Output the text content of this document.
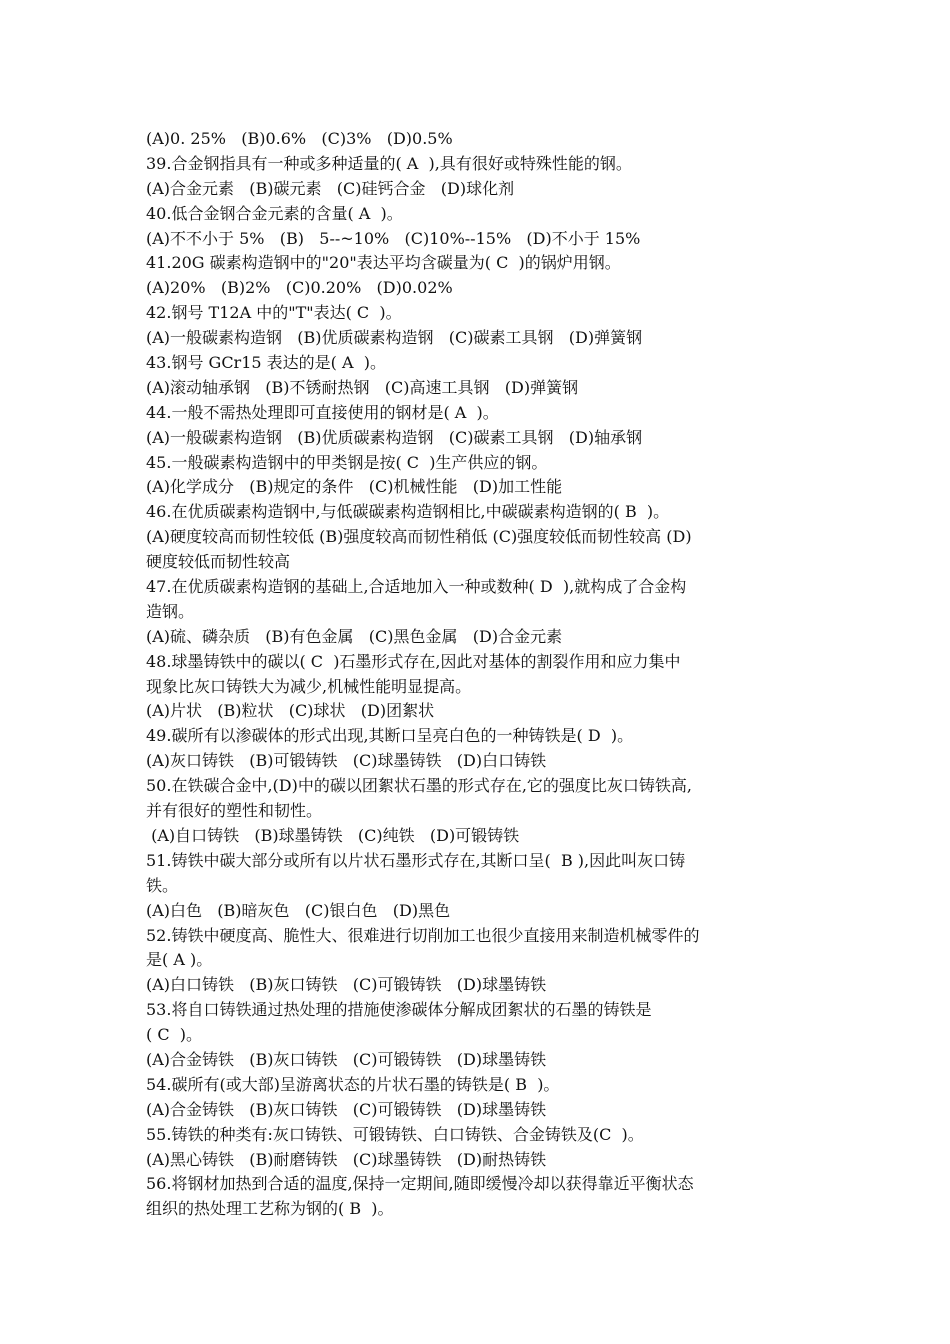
(A)0. 25%   (B)0.6%   (C)3%   (D)0.5%
39.合金钢指具有一种或多种适量的( A  ),具有很好或特殊性能的钢。
(A)合金元素   (B)碳元素   (C)硅钙合金   (D)球化剂
40.低合金钢合金元素的含量( A  )。
(A)不不小于 5%   (B)   5--~10%   (C)10%--15%   (D)不小于 15%
41.20G 碳素构造钢中的"20"表达平均含碳量为( C  )的锅炉用钢。
(A)20%   (B)2%   (C)0.20%   (D)0.02%
42.钢号 T12A 中的"T"表达( C  )。
(A)一般碳素构造钢   (B)优质碳素构造钢   (C)碳素工具钢   (D)弹簧钢
43.钢号 GCr15 表达的是( A  )。
(A)滚动轴承钢   (B)不锈耐热钢   (C)高速工具钢   (D)弹簧钢
44.一般不需热处理即可直接使用的钢材是( A  )。
(A)一般碳素构造钢   (B)优质碳素构造钢   (C)碳素工具钢   (D)轴承钢
45.一般碳素构造钢中的甲类钢是按( C  )生产供应的钢。
(A)化学成分   (B)规定的条件   (C)机械性能   (D)加工性能
46.在优质碳素构造钢中,与低碳碳素构造钢相比,中碳碳素构造钢的( B  )。
(A)硬度较高而韧性较低 (B)强度较高而韧性稍低 (C)强度较低而韧性较高 (D)
硬度较低而韧性较高
47.在优质碳素构造钢的基础上,合适地加入一种或数种( D  ),就构成了合金构
造钢。
(A)硫、磷杂质   (B)有色金属   (C)黑色金属   (D)合金元素
48.球墨铸铁中的碳以( C  )石墨形式存在,因此对基体的割裂作用和应力集中
现象比灰口铸铁大为减少,机械性能明显提高。
(A)片状   (B)粒状   (C)球状   (D)团絮状
49.碳所有以渗碳体的形式出现,其断口呈亮白色的一种铸铁是( D  )。
(A)灰口铸铁   (B)可锻铸铁   (C)球墨铸铁   (D)白口铸铁
50.在铁碳合金中,(D)中的碳以团絮状石墨的形式存在,它的强度比灰口铸铁高,
并有很好的塑性和韧性。
(A)自口铸铁   (B)球墨铸铁   (C)纯铁   (D)可锻铸铁
51.铸铁中碳大部分或所有以片状石墨形式存在,其断口呈(  B ),因此叫灰口铸
铁。
(A)白色   (B)暗灰色   (C)银白色   (D)黑色
52.铸铁中硬度高、脆性大、很难进行切削加工也很少直接用来制造机械零件的
是( A )。
(A)白口铸铁   (B)灰口铸铁   (C)可锻铸铁   (D)球墨铸铁
53.将自口铸铁通过热处理的措施使渗碳体分解成团絮状的石墨的铸铁是
( C  )。
(A)合金铸铁   (B)灰口铸铁   (C)可锻铸铁   (D)球墨铸铁
54.碳所有(或大部)呈游离状态的片状石墨的铸铁是( B  )。
(A)合金铸铁   (B)灰口铸铁   (C)可锻铸铁   (D)球墨铸铁
55.铸铁的种类有:灰口铸铁、可锻铸铁、白口铸铁、合金铸铁及(C  )。
(A)黑心铸铁   (B)耐磨铸铁   (C)球墨铸铁   (D)耐热铸铁
56.将钢材加热到合适的温度,保持一定期间,随即缓慢冷却以获得靠近平衡状态
组织的热处理工艺称为钢的( B  )。
